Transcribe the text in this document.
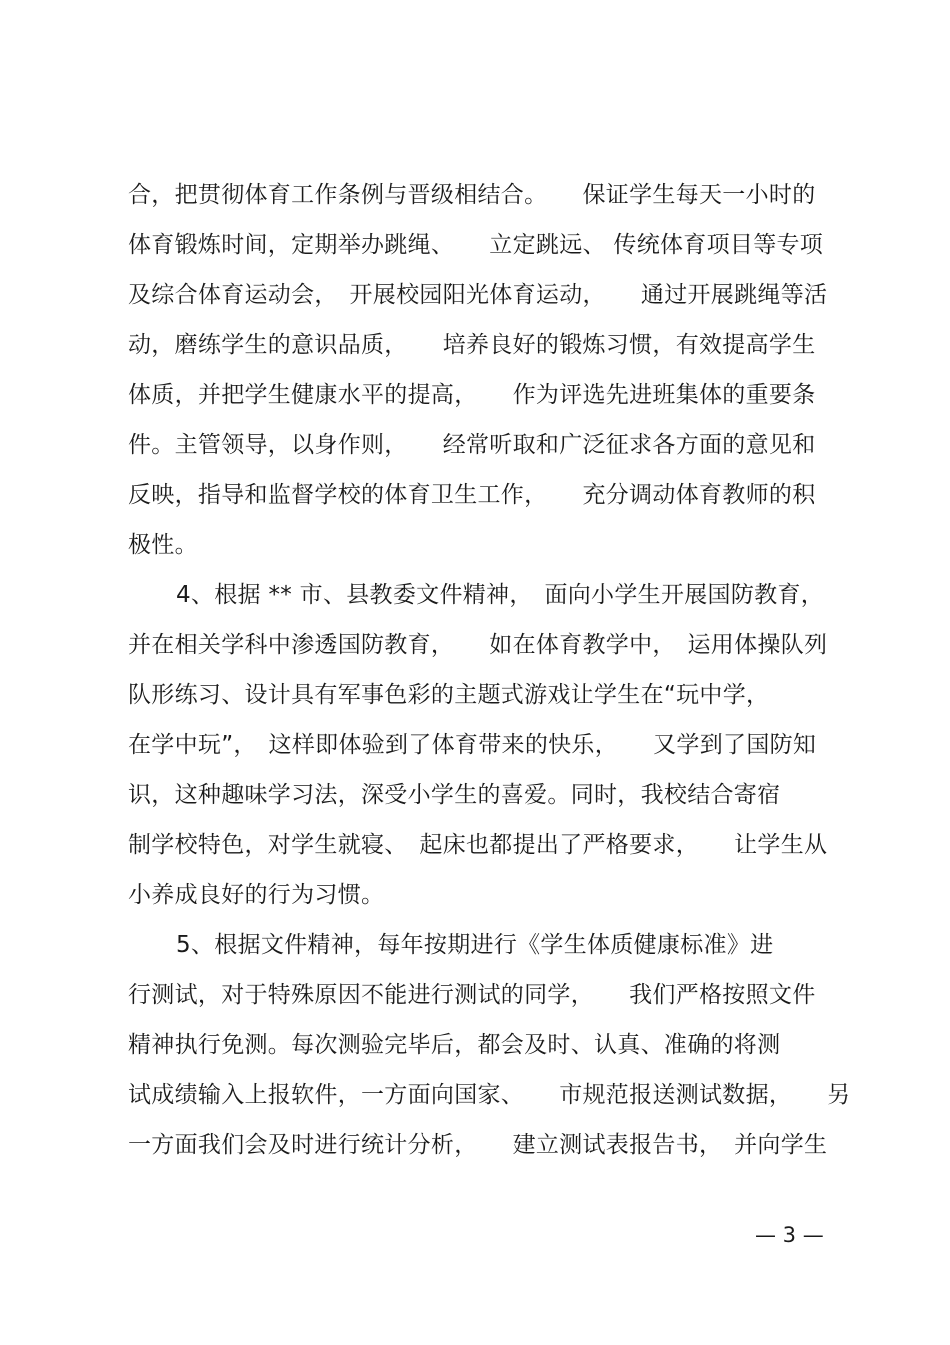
合，把贯彻体育工作条例与晋级相结合。　　保证学生每天一小时的
体育锻炼时间，定期举办跳绳、　　立定跳远、 传统体育项目等专项
及综合体育运动会，　开展校园阳光体育运动，　　通过开展跳绳等活
动，磨练学生的意识品质，　　培养良好的锻炼习惯，有效提高学生
体质，并把学生健康水平的提高，　　作为评选先进班集体的重要条
件。主管领导，以身作则，　　经常听取和广泛征求各方面的意见和
反映，指导和监督学校的体育卫生工作，　　充分调动体育教师的积
极性。
4、根据 ** 市、县教委文件精神，　面向小学生开展国防教育，
并在相关学科中渗透国防教育，　　如在体育教学中，　运用体操队列
队形练习、设计具有军事色彩的主题式游戏让学生在“玩中学，
在学中玩”，　这样即体验到了体育带来的快乐，　　又学到了国防知
识，这种趣味学习法，深受小学生的喜爱。同时，我校结合寄宿
制学校特色，对学生就寝、　起床也都提出了严格要求，　　让学生从
小养成良好的行为习惯。
5、根据文件精神，每年按期进行《学生体质健康标准》进
行测试，对于特殊原因不能进行测试的同学，　　我们严格按照文件
精神执行免测。每次测验完毕后，都会及时、认真、准确的将测
试成绩输入上报软件，一方面向国家、　　市规范报送测试数据，　　另
一方面我们会及时进行统计分析，　　建立测试表报告书，　并向学生
— 3 —
